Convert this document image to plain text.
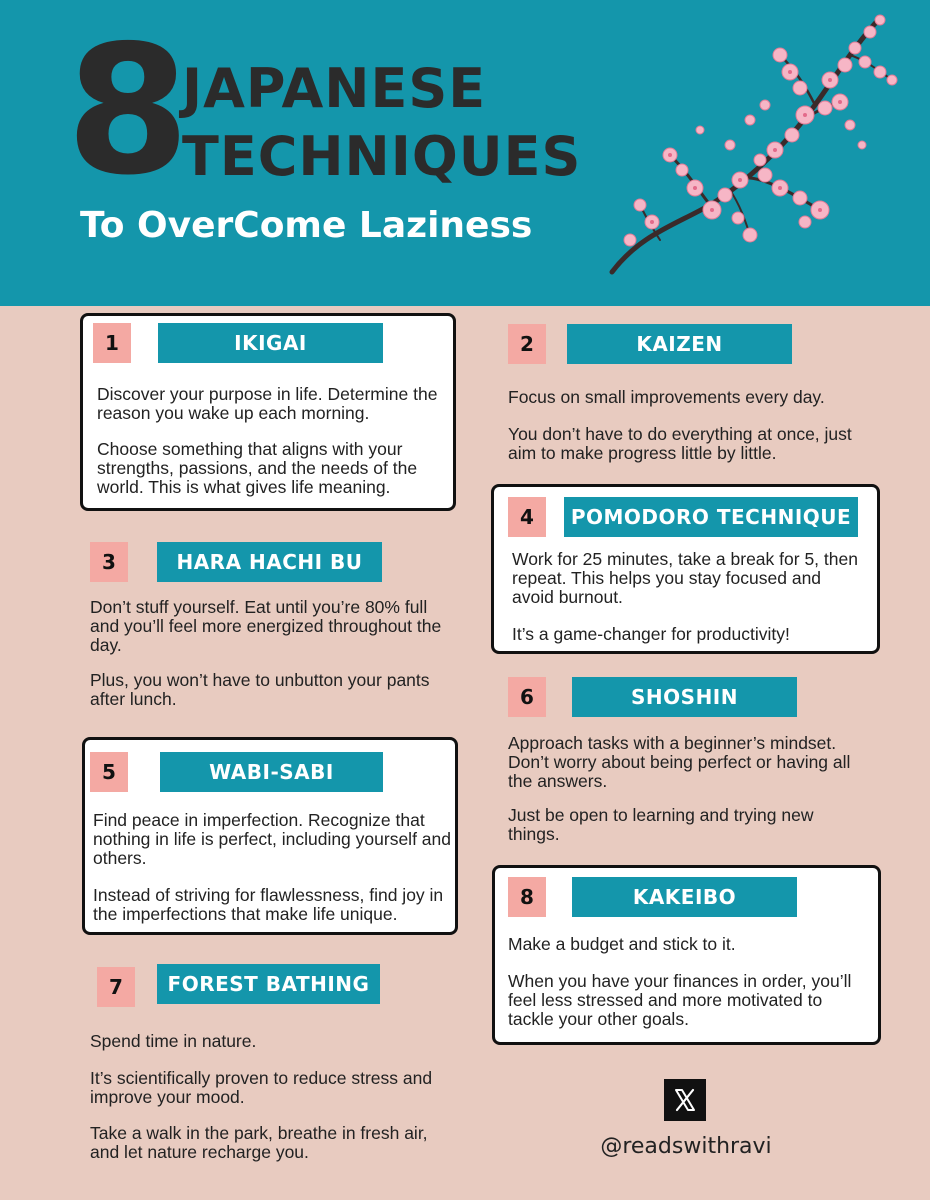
8
JAPANESE
TECHNIQUES
To OverCome Laziness
1	IKIGAI

Discover your purpose in life. Determine the reason you wake up each morning.

Choose something that aligns with your strengths, passions, and the needs of the world. This is what gives life meaning.

2	KAIZEN

Focus on small improvements every day.

You don’t have to do everything at once, just aim to make progress little by little.

3	HARA HACHI BU

Don’t stuff yourself. Eat until you’re 80% full and you’ll feel more energized throughout the day.

Plus, you won’t have to unbutton your pants after lunch.

4	POMODORO TECHNIQUE

Work for 25 minutes, take a break for 5, then repeat. This helps you stay focused and avoid burnout.

It’s a game-changer for productivity!

5	WABI-SABI

Find peace in imperfection. Recognize that nothing in life is perfect, including yourself and others.

Instead of striving for flawlessness, find joy in the imperfections that make life unique.

6	SHOSHIN

Approach tasks with a beginner’s mindset. Don’t worry about being perfect or having all the answers.

Just be open to learning and trying new things.

7	FOREST BATHING

Spend time in nature.

It’s scientifically proven to reduce stress and improve your mood.

Take a walk in the park, breathe in fresh air, and let nature recharge you.

8	KAKEIBO

Make a budget and stick to it.

When you have your finances in order, you’ll feel less stressed and more motivated to tackle your other goals.

@readswithravi
